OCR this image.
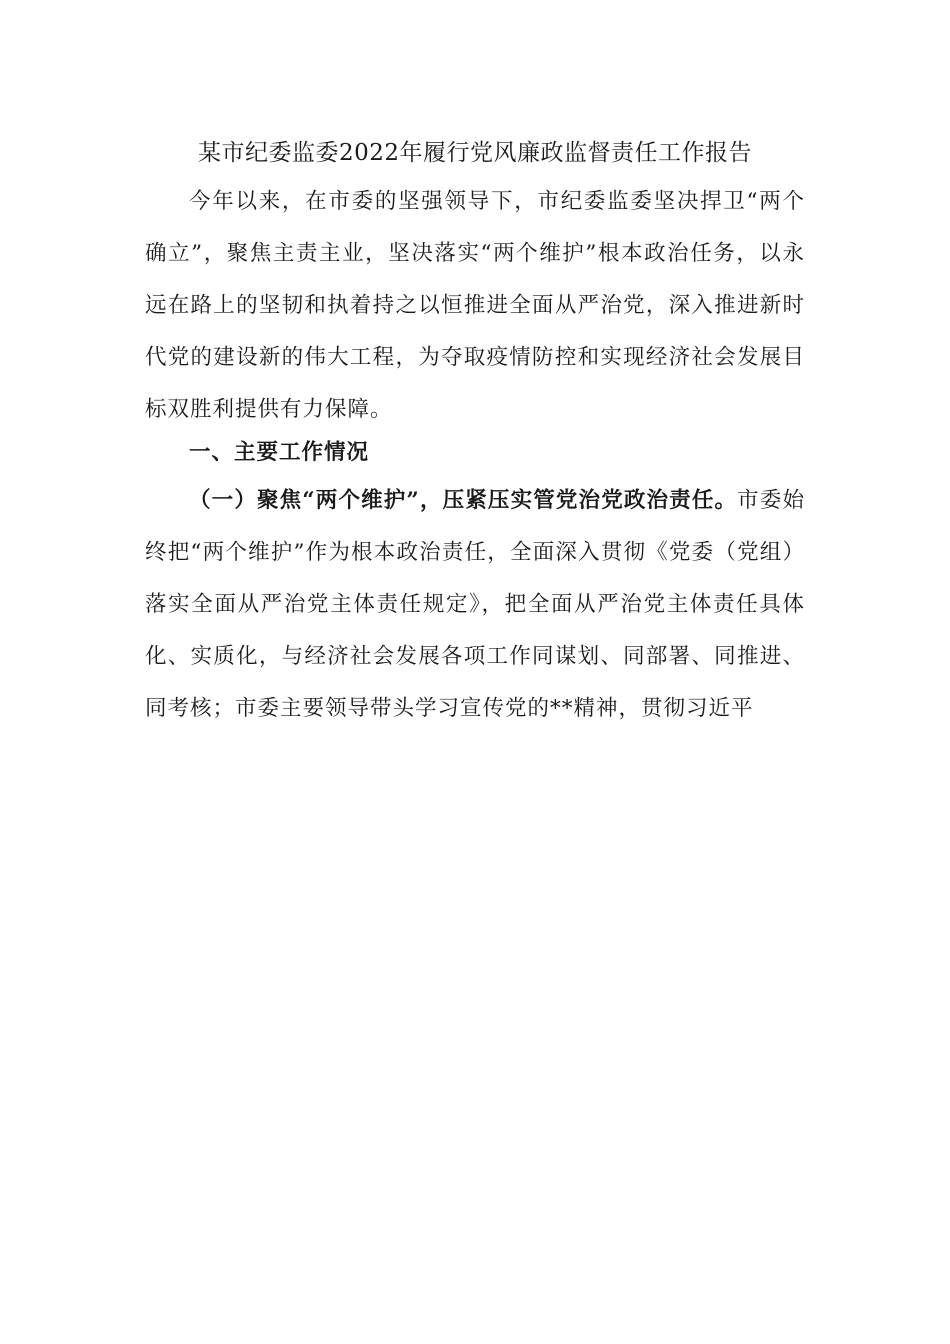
某市纪委监委2022年履行党风廉政监督责任工作报告
今年以来，在市委的坚强领导下，市纪委监委坚决捍卫“两个确立”，聚焦主责主业，坚决落实“两个维护”根本政治任务，以永远在路上的坚韧和执着持之以恒推进全面从严治党，深入推进新时代党的建设新的伟大工程，为夺取疫情防控和实现经济社会发展目标双胜利提供有力保障。
一、主要工作情况
（一）聚焦“两个维护”，压紧压实管党治党政治责任。市委始终把“两个维护”作为根本政治责任，全面深入贯彻《党委（党组）落实全面从严治党主体责任规定》，把全面从严治党主体责任具体化、实质化，与经济社会发展各项工作同谋划、同部署、同推进、同考核；市委主要领导带头学习宣传党的**精神，贯彻习近平
